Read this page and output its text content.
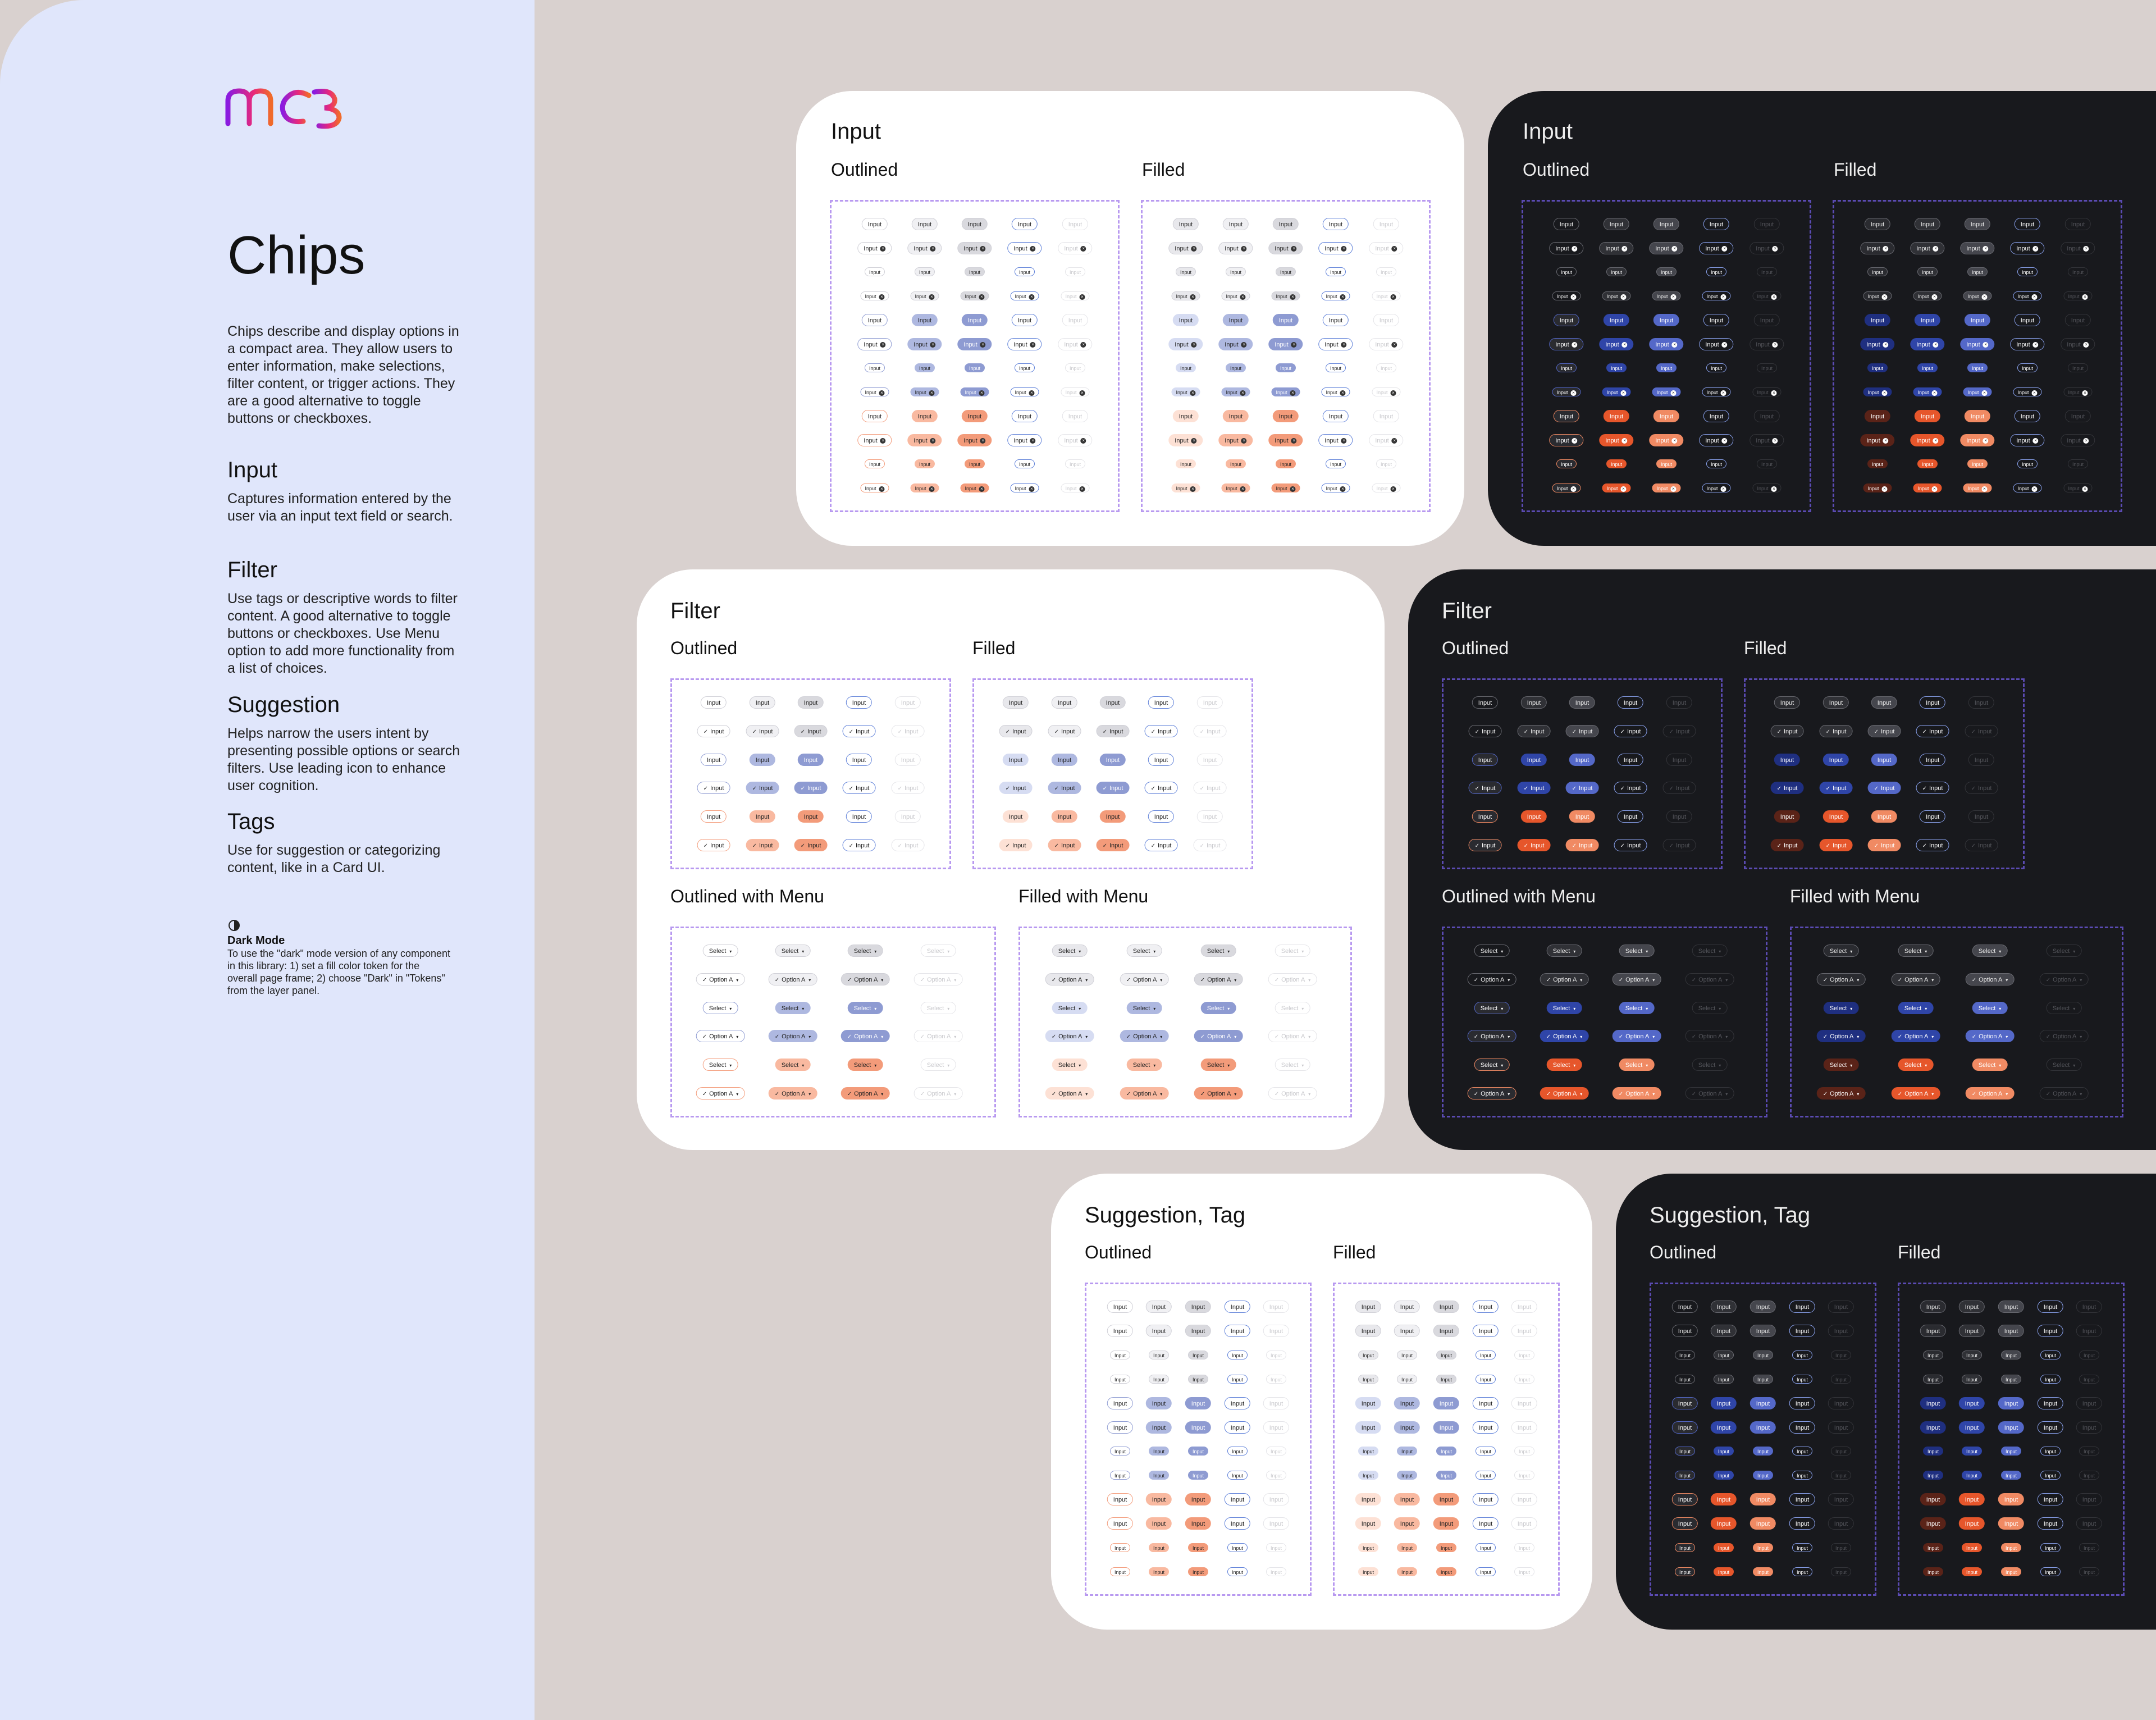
Chips
Chips describe and display options in a compact area. They allow users to enter information, make selections, filter content, or trigger actions. They are a good alternative to toggle buttons or checkboxes.
Input
Captures information entered by the user via an input text field or search.
Filter
Use tags or descriptive words to filter content. A good alternative to toggle buttons or checkboxes. Use Menu option to add more functionality from a list of choices.
Suggestion
Helps narrow the users intent by presenting possible options or search filters. Use leading icon to enhance user cognition.
Tags
Use for suggestion or categorizing content, like in a Card UI.
Dark Mode
To use the "dark" mode version of any component in this library: 1) set a fill color token for the overall page frame; 2) choose "Dark" in "Tokens" from the layer panel.
Input
Outlined	Filled
Input	Input	Input	Input	Input
Input ×	Input ×	Input ×	Input ×	Input ×
Input	Input	Input	Input	Input
Input ×	Input ×	Input ×	Input ×	Input ×
Input	Input	Input	Input	Input
Input ×	Input ×	Input ×	Input ×	Input ×
Input	Input	Input	Input	Input
Input ×	Input ×	Input ×	Input ×	Input ×
Input	Input	Input	Input	Input
Input ×	Input ×	Input ×	Input ×	Input ×
Input	Input	Input	Input	Input
Input ×	Input ×	Input ×	Input ×	Input ×
Input	Input	Input	Input	Input
Input ×	Input ×	Input ×	Input ×	Input ×
Input	Input	Input	Input	Input
Input ×	Input ×	Input ×	Input ×	Input ×
Input	Input	Input	Input	Input
Input ×	Input ×	Input ×	Input ×	Input ×
Input	Input	Input	Input	Input
Input ×	Input ×	Input ×	Input ×	Input ×
Input	Input	Input	Input	Input
Input ×	Input ×	Input ×	Input ×	Input ×
Input	Input	Input	Input	Input
Input ×	Input ×	Input ×	Input ×	Input ×
Input
Outlined	Filled
Input	Input	Input	Input	Input
Input ×	Input ×	Input ×	Input ×	Input ×
Input	Input	Input	Input	Input
Input ×	Input ×	Input ×	Input ×	Input ×
Input	Input	Input	Input	Input
Input ×	Input ×	Input ×	Input ×	Input ×
Input	Input	Input	Input	Input
Input ×	Input ×	Input ×	Input ×	Input ×
Input	Input	Input	Input	Input
Input ×	Input ×	Input ×	Input ×	Input ×
Input	Input	Input	Input	Input
Input ×	Input ×	Input ×	Input ×	Input ×
Input	Input	Input	Input	Input
Input ×	Input ×	Input ×	Input ×	Input ×
Input	Input	Input	Input	Input
Input ×	Input ×	Input ×	Input ×	Input ×
Input	Input	Input	Input	Input
Input ×	Input ×	Input ×	Input ×	Input ×
Input	Input	Input	Input	Input
Input ×	Input ×	Input ×	Input ×	Input ×
Input	Input	Input	Input	Input
Input ×	Input ×	Input ×	Input ×	Input ×
Input	Input	Input	Input	Input
Input ×	Input ×	Input ×	Input ×	Input ×
Filter
Outlined	Filled
Input	Input	Input	Input	Input
✓ Input	✓ Input	✓ Input	✓ Input	✓ Input
Input	Input	Input	Input	Input
✓ Input	✓ Input	✓ Input	✓ Input	✓ Input
Input	Input	Input	Input	Input
✓ Input	✓ Input	✓ Input	✓ Input	✓ Input
Input	Input	Input	Input	Input
✓ Input	✓ Input	✓ Input	✓ Input	✓ Input
Input	Input	Input	Input	Input
✓ Input	✓ Input	✓ Input	✓ Input	✓ Input
Input	Input	Input	Input	Input
✓ Input	✓ Input	✓ Input	✓ Input	✓ Input
Outlined with Menu	Filled with Menu
Select ▾	Select ▾	Select ▾	Select ▾
✓ Option A ▾	✓ Option A ▾	✓ Option A ▾	✓ Option A ▾
Select ▾	Select ▾	Select ▾	Select ▾
✓ Option A ▾	✓ Option A ▾	✓ Option A ▾	✓ Option A ▾
Select ▾	Select ▾	Select ▾	Select ▾
✓ Option A ▾	✓ Option A ▾	✓ Option A ▾	✓ Option A ▾
Select ▾	Select ▾	Select ▾	Select ▾
✓ Option A ▾	✓ Option A ▾	✓ Option A ▾	✓ Option A ▾
Select ▾	Select ▾	Select ▾	Select ▾
✓ Option A ▾	✓ Option A ▾	✓ Option A ▾	✓ Option A ▾
Select ▾	Select ▾	Select ▾	Select ▾
✓ Option A ▾	✓ Option A ▾	✓ Option A ▾	✓ Option A ▾
Filter
Outlined	Filled
Input	Input	Input	Input	Input
✓ Input	✓ Input	✓ Input	✓ Input	✓ Input
Input	Input	Input	Input	Input
✓ Input	✓ Input	✓ Input	✓ Input	✓ Input
Input	Input	Input	Input	Input
✓ Input	✓ Input	✓ Input	✓ Input	✓ Input
Input	Input	Input	Input	Input
✓ Input	✓ Input	✓ Input	✓ Input	✓ Input
Input	Input	Input	Input	Input
✓ Input	✓ Input	✓ Input	✓ Input	✓ Input
Input	Input	Input	Input	Input
✓ Input	✓ Input	✓ Input	✓ Input	✓ Input
Outlined with Menu	Filled with Menu
Select ▾	Select ▾	Select ▾	Select ▾
✓ Option A ▾	✓ Option A ▾	✓ Option A ▾	✓ Option A ▾
Select ▾	Select ▾	Select ▾	Select ▾
✓ Option A ▾	✓ Option A ▾	✓ Option A ▾	✓ Option A ▾
Select ▾	Select ▾	Select ▾	Select ▾
✓ Option A ▾	✓ Option A ▾	✓ Option A ▾	✓ Option A ▾
Select ▾	Select ▾	Select ▾	Select ▾
✓ Option A ▾	✓ Option A ▾	✓ Option A ▾	✓ Option A ▾
Select ▾	Select ▾	Select ▾	Select ▾
✓ Option A ▾	✓ Option A ▾	✓ Option A ▾	✓ Option A ▾
Select ▾	Select ▾	Select ▾	Select ▾
✓ Option A ▾	✓ Option A ▾	✓ Option A ▾	✓ Option A ▾
Suggestion, Tag
Outlined	Filled
Input	Input	Input	Input	Input
Input	Input	Input	Input	Input
Input	Input	Input	Input	Input
Input	Input	Input	Input	Input
Input	Input	Input	Input	Input
Input	Input	Input	Input	Input
Input	Input	Input	Input	Input
Input	Input	Input	Input	Input
Input	Input	Input	Input	Input
Input	Input	Input	Input	Input
Input	Input	Input	Input	Input
Input	Input	Input	Input	Input
Input	Input	Input	Input	Input
Input	Input	Input	Input	Input
Input	Input	Input	Input	Input
Input	Input	Input	Input	Input
Input	Input	Input	Input	Input
Input	Input	Input	Input	Input
Input	Input	Input	Input	Input
Input	Input	Input	Input	Input
Input	Input	Input	Input	Input
Input	Input	Input	Input	Input
Input	Input	Input	Input	Input
Input	Input	Input	Input	Input
Suggestion, Tag
Outlined	Filled
Input	Input	Input	Input	Input
Input	Input	Input	Input	Input
Input	Input	Input	Input	Input
Input	Input	Input	Input	Input
Input	Input	Input	Input	Input
Input	Input	Input	Input	Input
Input	Input	Input	Input	Input
Input	Input	Input	Input	Input
Input	Input	Input	Input	Input
Input	Input	Input	Input	Input
Input	Input	Input	Input	Input
Input	Input	Input	Input	Input
Input	Input	Input	Input	Input
Input	Input	Input	Input	Input
Input	Input	Input	Input	Input
Input	Input	Input	Input	Input
Input	Input	Input	Input	Input
Input	Input	Input	Input	Input
Input	Input	Input	Input	Input
Input	Input	Input	Input	Input
Input	Input	Input	Input	Input
Input	Input	Input	Input	Input
Input	Input	Input	Input	Input
Input	Input	Input	Input	Input
